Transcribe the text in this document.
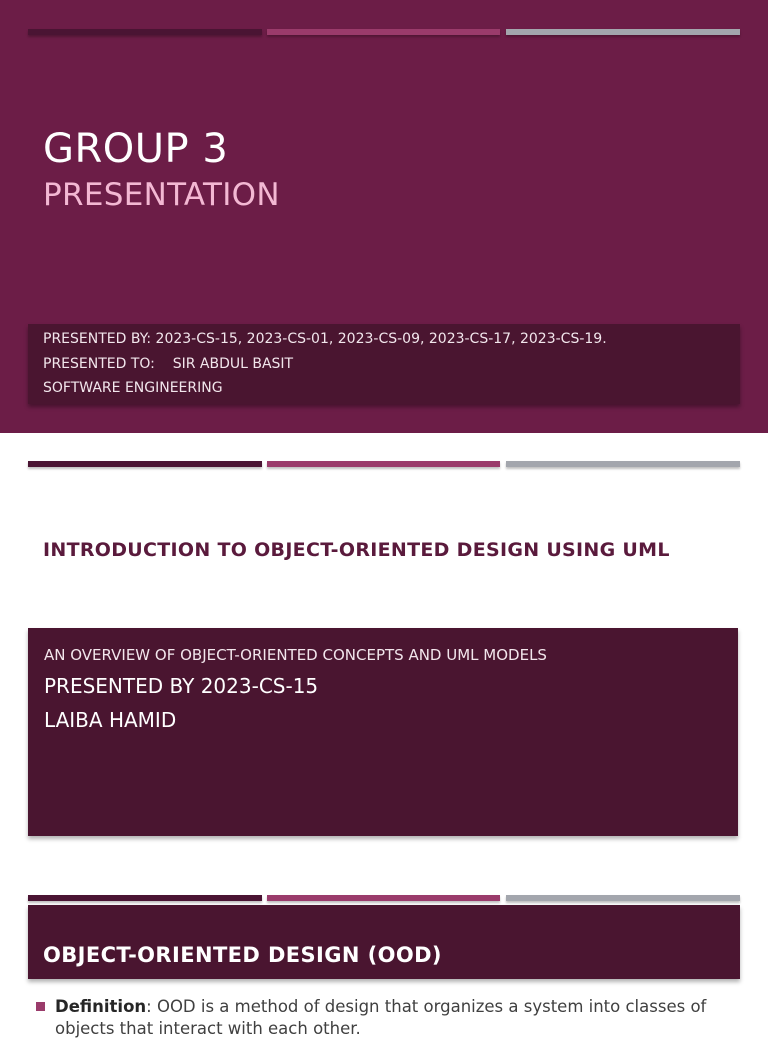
GROUP 3
PRESENTATION
PRESENTED BY: 2023-CS-15, 2023-CS-01, 2023-CS-09, 2023-CS-17, 2023-CS-19.
PRESENTED TO:    SIR ABDUL BASIT
SOFTWARE ENGINEERING
INTRODUCTION TO OBJECT-ORIENTED DESIGN USING UML
AN OVERVIEW OF OBJECT-ORIENTED CONCEPTS AND UML MODELS
PRESENTED BY 2023-CS-15
LAIBA HAMID
OBJECT-ORIENTED DESIGN (OOD)
Definition: OOD is a method of design that organizes a system into classes of objects that interact with each other.
